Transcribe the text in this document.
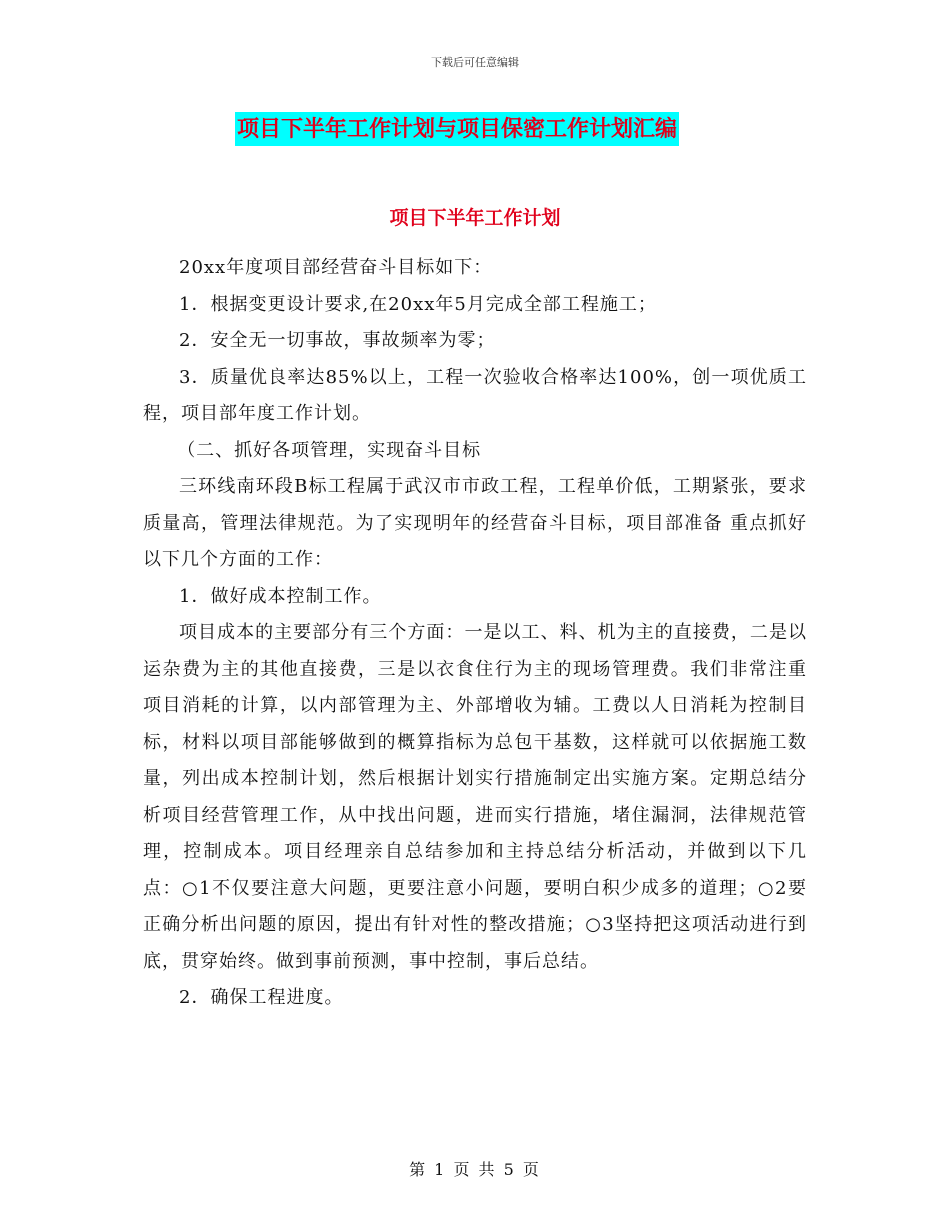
下载后可任意编辑
项目下半年工作计划与项目保密工作计划汇编
项目下半年工作计划

20xx年度项目部经营奋斗目标如下：

1．根据变更设计要求,在20xx年5月完成全部工程施工；

2．安全无一切事故，事故频率为零；

3．质量优良率达85%以上，工程一次验收合格率达100%，创一项优质工程，项目部年度工作计划。

（二、抓好各项管理，实现奋斗目标

三环线南环段B标工程属于武汉市市政工程，工程单价低，工期紧张，要求质量高，管理法律规范。为了实现明年的经营奋斗目标，项目部准备 重点抓好以下几个方面的工作：

1．做好成本控制工作。

项目成本的主要部分有三个方面：一是以工、料、机为主的直接费，二是以运杂费为主的其他直接费，三是以衣食住行为主的现场管理费。我们非常注重项目消耗的计算，以内部管理为主、外部增收为辅。工费以人日消耗为控制目标，材料以项目部能够做到的概算指标为总包干基数，这样就可以依据施工数量，列出成本控制计划，然后根据计划实行措施制定出实施方案。定期总结分析项目经营管理工作，从中找出问题，进而实行措施，堵住漏洞，法律规范管理，控制成本。项目经理亲自总结参加和主持总结分析活动，并做到以下几点：○1不仅要注意大问题，更要注意小问题，要明白积少成多的道理；○2要正确分析出问题的原因，提出有针对性的整改措施；○3坚持把这项活动进行到底，贯穿始终。做到事前预测，事中控制，事后总结。

2．确保工程进度。

第 1 页 共 5 页
